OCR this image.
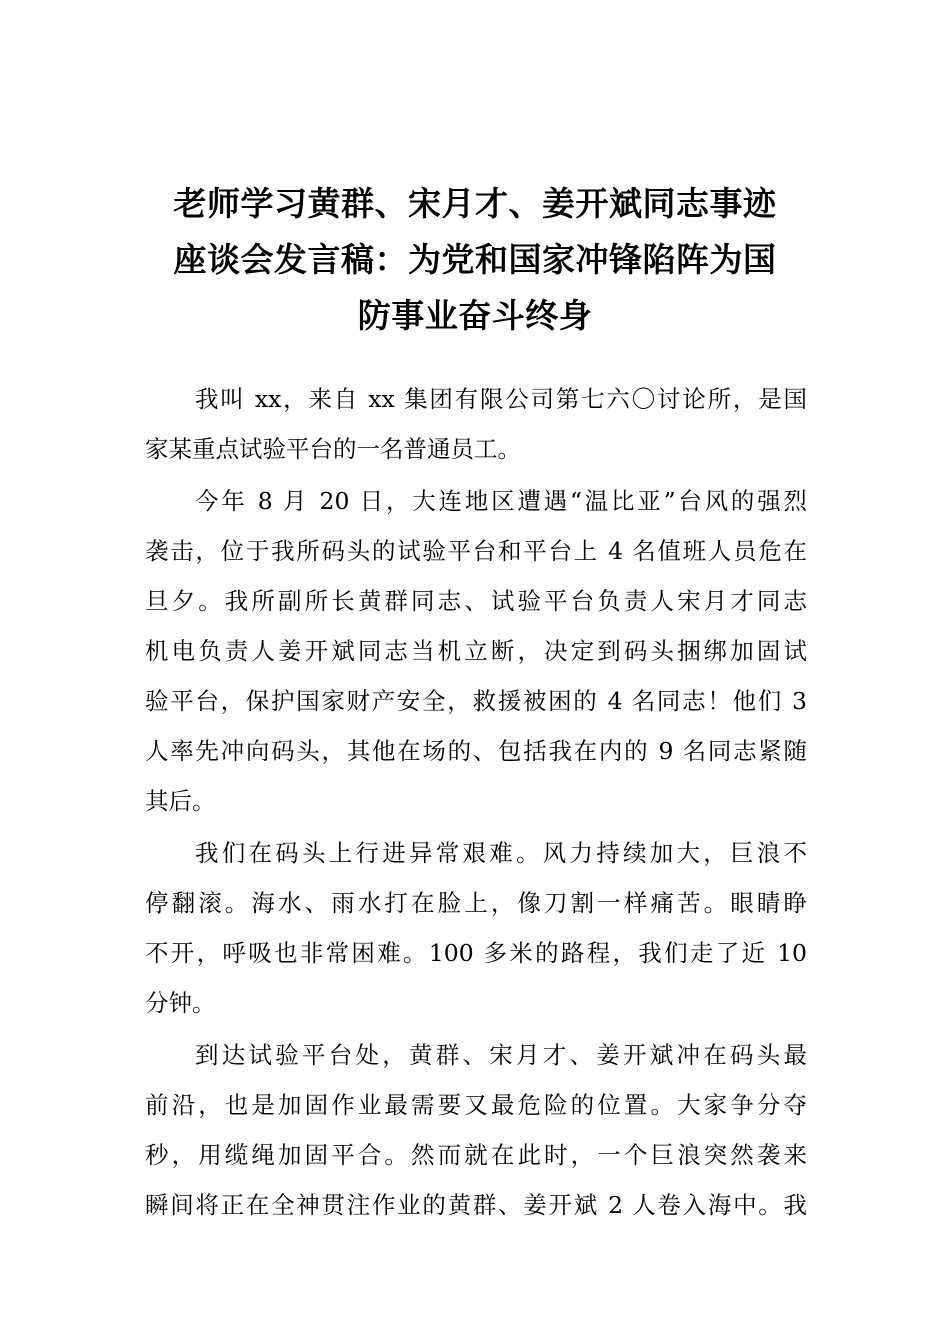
老师学习黄群、宋月才、姜开斌同志事迹
座谈会发言稿：为党和国家冲锋陷阵为国
防事业奋斗终身
我叫 xx，来自 xx 集团有限公司第七六〇讨论所，是国
家某重点试验平台的一名普通员工。
今年 8 月 20 日，大连地区遭遇“温比亚”台风的强烈
袭击，位于我所码头的试验平台和平台上 4 名值班人员危在
旦夕。我所副所长黄群同志、试验平台负责人宋月才同志
机电负责人姜开斌同志当机立断，决定到码头捆绑加固试
验平台，保护国家财产安全，救援被困的 4 名同志！他们 3
人率先冲向码头，其他在场的、包括我在内的 9 名同志紧随
其后。
我们在码头上行进异常艰难。风力持续加大，巨浪不
停翻滚。海水、雨水打在脸上，像刀割一样痛苦。眼睛睁
不开，呼吸也非常困难。100 多米的路程，我们走了近 10
分钟。
到达试验平台处，黄群、宋月才、姜开斌冲在码头最
前沿，也是加固作业最需要又最危险的位置。大家争分夺
秒，用缆绳加固平合。然而就在此时，一个巨浪突然袭来
瞬间将正在全神贯注作业的黄群、姜开斌 2 人卷入海中。我
